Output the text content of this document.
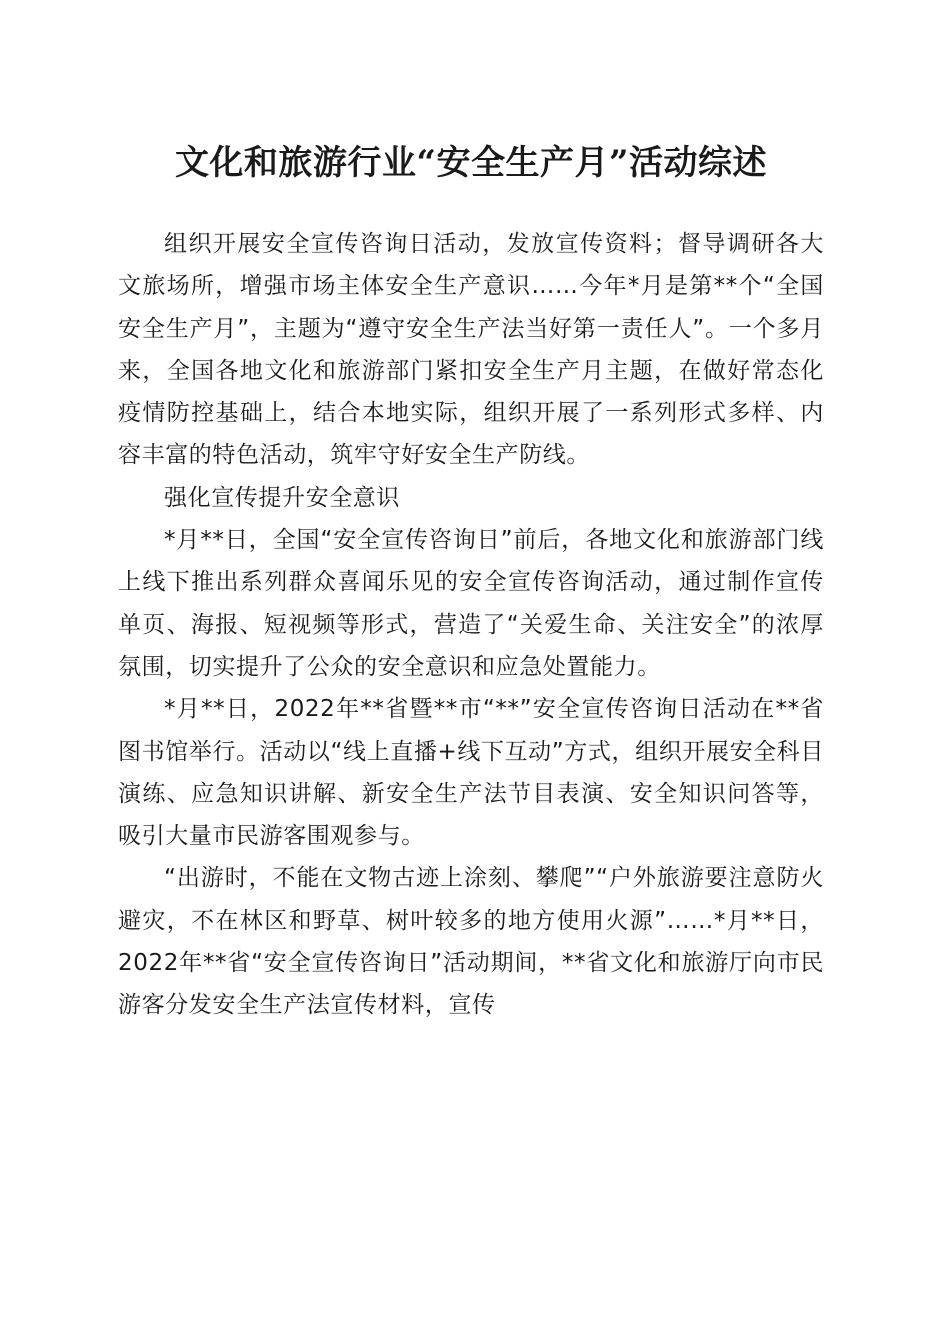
文化和旅游行业“安全生产月”活动综述

组织开展安全宣传咨询日活动，发放宣传资料；督导调研各大文旅场所，增强市场主体安全生产意识……今年*月是第**个“全国安全生产月”，主题为“遵守安全生产法当好第一责任人”。一个多月来，全国各地文化和旅游部门紧扣安全生产月主题，在做好常态化疫情防控基础上，结合本地实际，组织开展了一系列形式多样、内容丰富的特色活动，筑牢守好安全生产防线。

强化宣传提升安全意识

*月**日，全国“安全宣传咨询日”前后，各地文化和旅游部门线上线下推出系列群众喜闻乐见的安全宣传咨询活动，通过制作宣传单页、海报、短视频等形式，营造了“关爱生命、关注安全”的浓厚氛围，切实提升了公众的安全意识和应急处置能力。

*月**日，2022年**省暨**市“**”安全宣传咨询日活动在**省图书馆举行。活动以“线上直播+线下互动”方式，组织开展安全科目演练、应急知识讲解、新安全生产法节目表演、安全知识问答等，吸引大量市民游客围观参与。

“出游时，不能在文物古迹上涂刻、攀爬”“户外旅游要注意防火避灾，不在林区和野草、树叶较多的地方使用火源”……*月**日，2022年**省“安全宣传咨询日”活动期间，**省文化和旅游厅向市民游客分发安全生产法宣传材料，宣传
